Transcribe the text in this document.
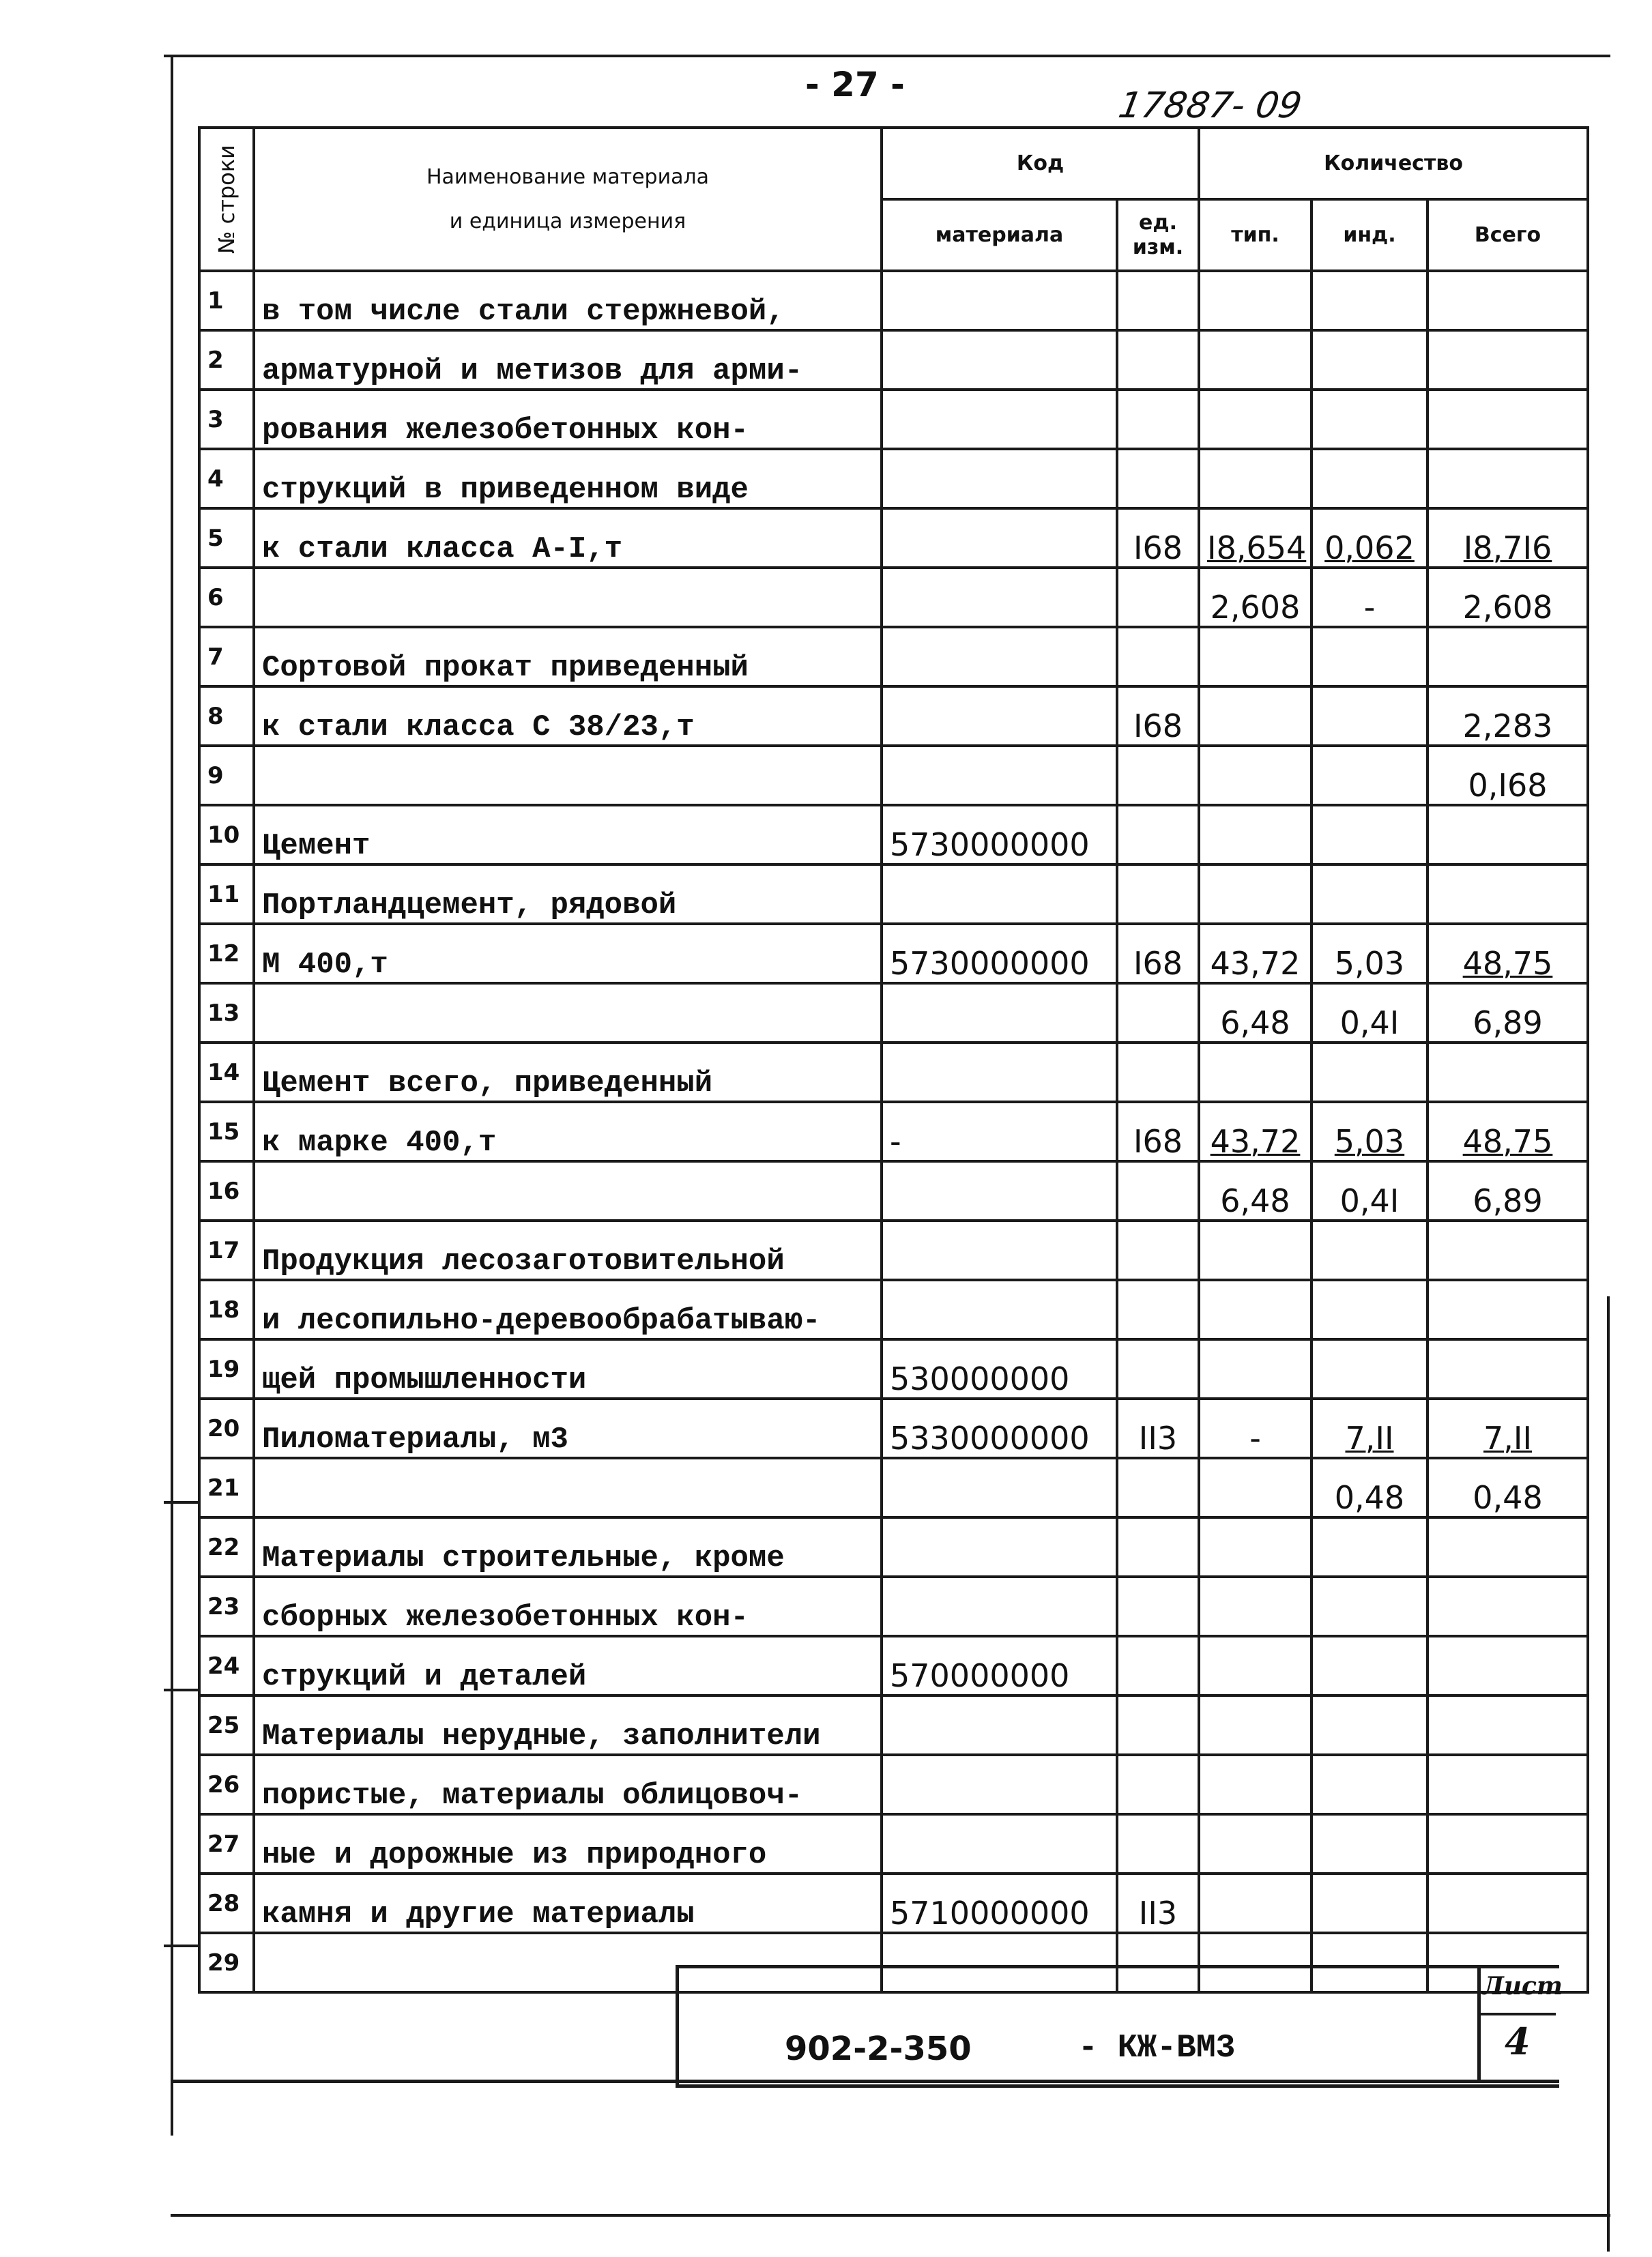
- 27 -
17887- 09
№ строки	Наименование материала
и единица измерения	Код		Количество		
		материала	ед. изм.	тип.	инд.	Всего
1	в том числе стали стержневой,					
2	арматурной и метизов для арми-					
3	рования железобетонных кон-					
4	струкций в приведенном виде					
5	к стали класса А-I,т		I68	I8,654	0,062	I8,7I6
6				2,608	-	2,608
7	Сортовой прокат приведенный					
8	к стали класса С 38/23,т		I68			2,283
9						0,I68
10	Цемент	5730000000				
11	Портландцемент, рядовой					
12	М 400,т	5730000000	I68	43,72	5,03	48,75
13				6,48	0,4I	6,89
14	Цемент всего, приведенный					
15	к марке 400,т	-	I68	43,72	5,03	48,75
16				6,48	0,4I	6,89
17	Продукция лесозаготовительной					
18	и лесопильно-деревообрабатываю-					
19	щей промышленности	530000000				
20	Пиломатериалы, м3	5330000000	II3	-	7,II	7,II
21					0,48	0,48
22	Материалы строительные, кроме					
23	сборных железобетонных кон-					
24	струкций и деталей	570000000				
25	Материалы нерудные, заполнители					
26	пористые, материалы облицовоч-					
27	ные и дорожные из природного					
28	камня и другие материалы	5710000000	II3			
29						
902-2-350	- КЖ-ВМ3
Лист
4
